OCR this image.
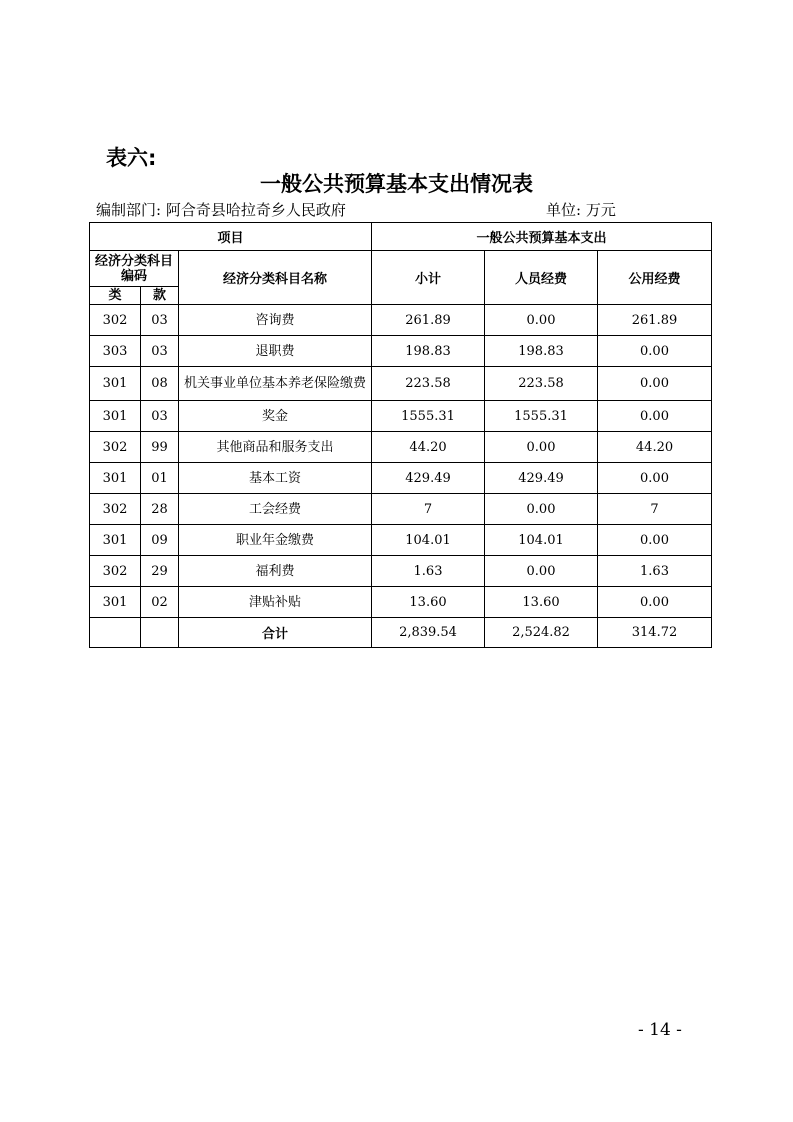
表六:
一般公共预算基本支出情况表
编制部门: 阿合奇县哈拉奇乡人民政府	单位: 万元
项目			一般公共预算基本支出		
经济分类科目编码		经济分类科目名称	小计	人员经费	公用经费
类	款				
302	03	咨询费	261.89	0.00	261.89
303	03	退职费	198.83	198.83	0.00
301	08	机关事业单位基本养老保险缴费	223.58	223.58	0.00
301	03	奖金	1555.31	1555.31	0.00
302	99	其他商品和服务支出	44.20	0.00	44.20
301	01	基本工资	429.49	429.49	0.00
302	28	工会经费	7	0.00	7
301	09	职业年金缴费	104.01	104.01	0.00
302	29	福利费	1.63	0.00	1.63
301	02	津贴补贴	13.60	13.60	0.00
		合计	2,839.54	2,524.82	314.72
- 14 -
